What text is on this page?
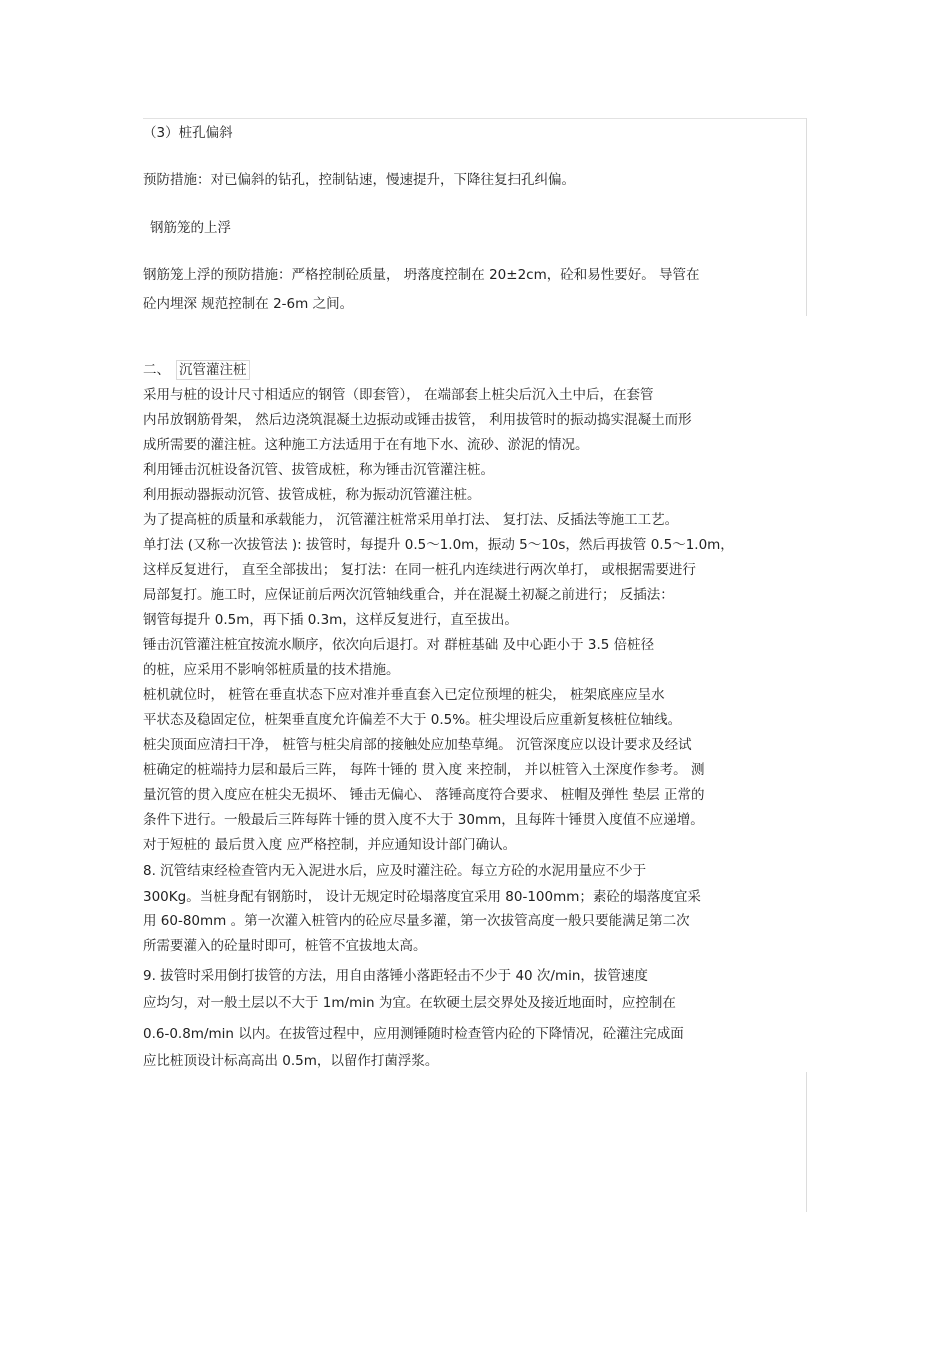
（3）桩孔偏斜
预防措施：对已偏斜的钻孔，控制钻速，慢速提升，下降往复扫孔纠偏。
钢筋笼的上浮
钢筋笼上浮的预防措施：严格控制砼质量， 坍落度控制在 20±2cm，砼和易性要好。 导管在
砼内埋深 规范控制在 2-6m 之间。
二、 沉管灌注桩
采用与桩的设计尺寸相适应的钢管（即套管）， 在端部套上桩尖后沉入土中后，在套管
内吊放钢筋骨架， 然后边浇筑混凝土边振动或锤击拔管， 利用拔管时的振动捣实混凝土而形
成所需要的灌注桩。这种施工方法适用于在有地下水、流砂、淤泥的情况。
利用锤击沉桩设备沉管、拔管成桩，称为锤击沉管灌注桩。
利用振动器振动沉管、拔管成桩，称为振动沉管灌注桩。
为了提高桩的质量和承载能力， 沉管灌注桩常采用单打法、 复打法、反插法等施工工艺。
单打法 (又称一次拔管法 ): 拔管时，每提升 0.5～1.0m，振动 5～10s，然后再拔管 0.5～1.0m，
这样反复进行， 直至全部拔出； 复打法：在同一桩孔内连续进行两次单打， 或根据需要进行
局部复打。施工时，应保证前后两次沉管轴线重合，并在混凝土初凝之前进行； 反插法：
钢管每提升 0.5m，再下插 0.3m，这样反复进行，直至拔出。
锤击沉管灌注桩宜按流水顺序，依次向后退打。对 群桩基础 及中心距小于 3.5 倍桩径
的桩，应采用不影响邻桩质量的技术措施。
桩机就位时， 桩管在垂直状态下应对准并垂直套入已定位预埋的桩尖， 桩架底座应呈水
平状态及稳固定位，桩架垂直度允许偏差不大于 0.5%。桩尖埋设后应重新复核桩位轴线。
桩尖顶面应清扫干净， 桩管与桩尖肩部的接触处应加垫草绳。 沉管深度应以设计要求及经试
桩确定的桩端持力层和最后三阵， 每阵十锤的 贯入度 来控制， 并以桩管入土深度作参考。 测
量沉管的贯入度应在桩尖无损坏、 锤击无偏心、 落锤高度符合要求、 桩帽及弹性 垫层 正常的
条件下进行。一般最后三阵每阵十锤的贯入度不大于 30mm，且每阵十锤贯入度值不应递增。
对于短桩的 最后贯入度 应严格控制，并应通知设计部门确认。
8. 沉管结束经检查管内无入泥进水后，应及时灌注砼。每立方砼的水泥用量应不少于
300Kg。当桩身配有钢筋时， 设计无规定时砼塌落度宜采用 80-100mm；素砼的塌落度宜采
用 60-80mm 。第一次灌入桩管内的砼应尽量多灌，第一次拔管高度一般只要能满足第二次
所需要灌入的砼量时即可，桩管不宜拔地太高。
9. 拔管时采用倒打拔管的方法，用自由落锤小落距轻击不少于 40 次/min，拔管速度
应均匀，对一般土层以不大于 1m/min 为宜。在软硬土层交界处及接近地面时，应控制在
0.6-0.8m/min 以内。在拔管过程中，应用测锤随时检查管内砼的下降情况，砼灌注完成面
应比桩顶设计标高高出 0.5m，以留作打菌浮浆。
